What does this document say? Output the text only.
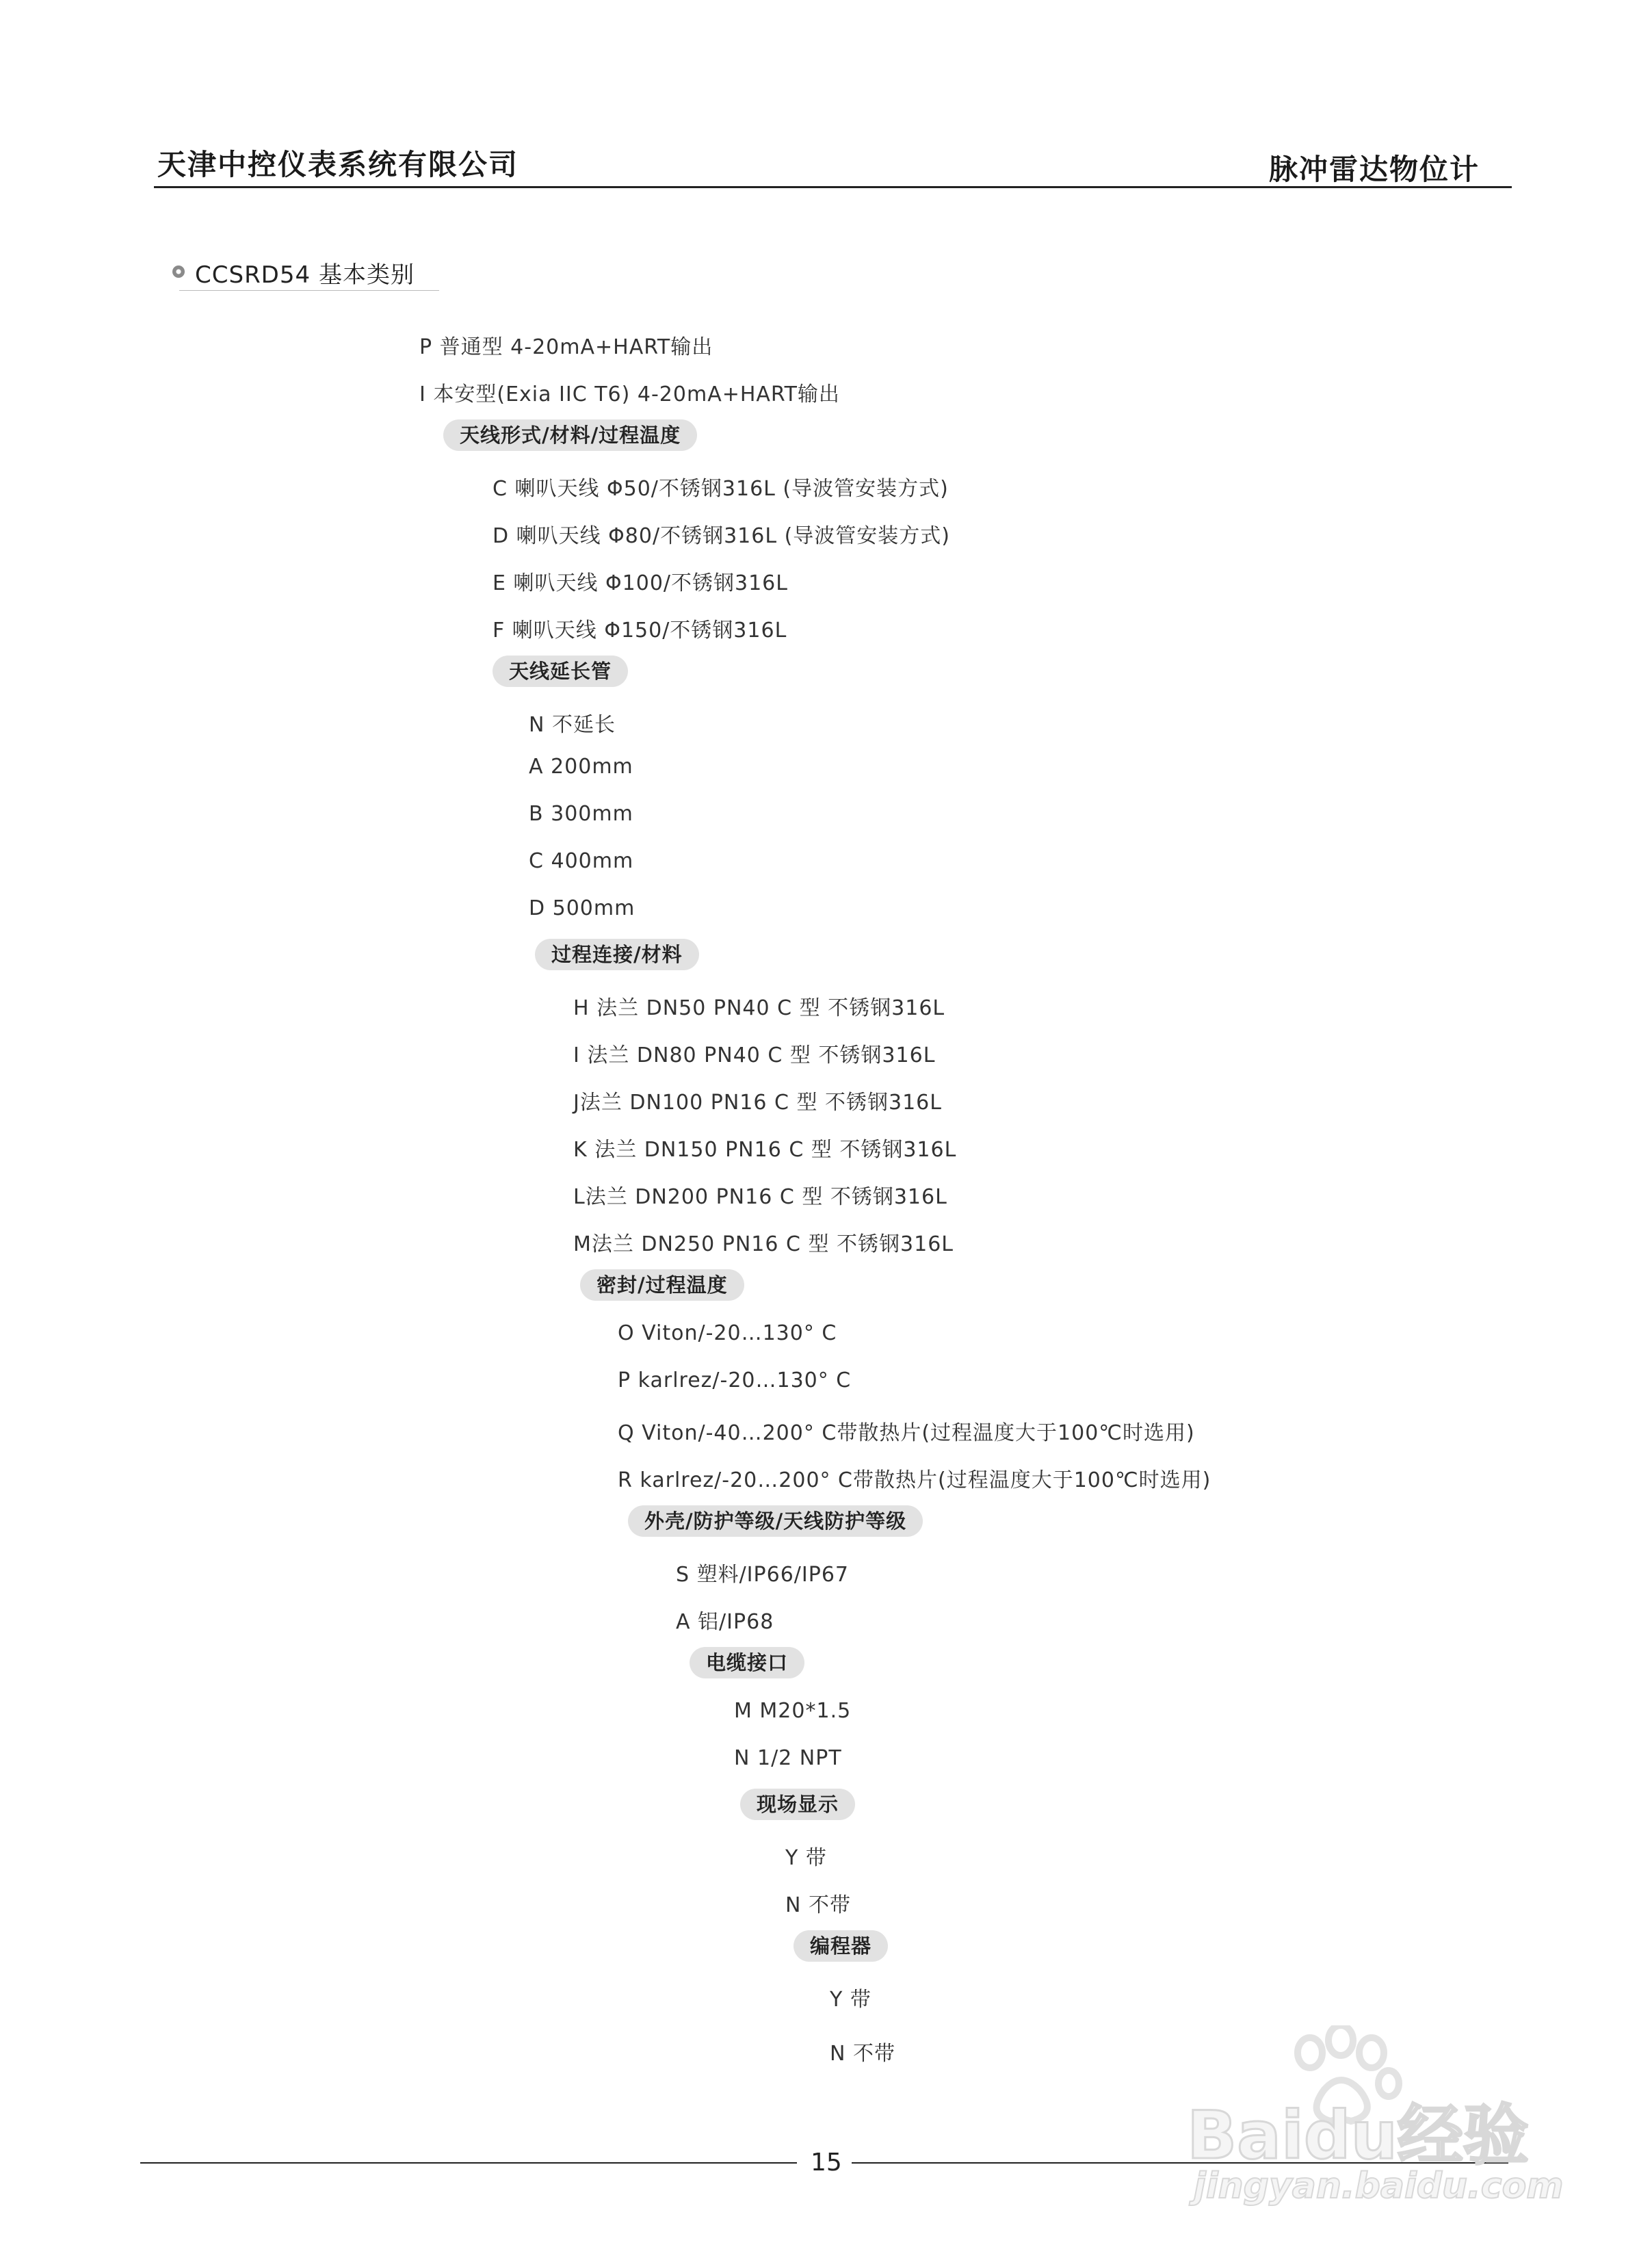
天津中控仪表系统有限公司	脉冲雷达物位计
CCSRD54 基本类别
P 普通型 4-20mA+HART输出
I 本安型(Exia IIC T6) 4-20mA+HART输出
天线形式/材料/过程温度
C 喇叭天线 Φ50/不锈钢316L (导波管安装方式)
D 喇叭天线 Φ80/不锈钢316L (导波管安装方式)
E 喇叭天线 Φ100/不锈钢316L
F 喇叭天线 Φ150/不锈钢316L
天线延长管
N 不延长
A 200mm
B 300mm
C 400mm
D 500mm
过程连接/材料
H 法兰 DN50 PN40 C 型 不锈钢316L
I 法兰 DN80 PN40 C 型 不锈钢316L
J法兰 DN100 PN16 C 型 不锈钢316L
K 法兰 DN150 PN16 C 型 不锈钢316L
L法兰 DN200 PN16 C 型 不锈钢316L
M法兰 DN250 PN16 C 型 不锈钢316L
密封/过程温度
O Viton/-20…130° C
P karlrez/-20…130° C
Q Viton/-40…200° C带散热片(过程温度大于100℃时选用)
R karlrez/-20…200° C带散热片(过程温度大于100℃时选用)
外壳/防护等级/天线防护等级
S 塑料/IP66/IP67
A 铝/IP68
电缆接口
M M20*1.5
N 1/2 NPT
现场显示
Y 带
N 不带
编程器
Y 带
N 不带
15	Baidu经验
jingyan.baidu.com
